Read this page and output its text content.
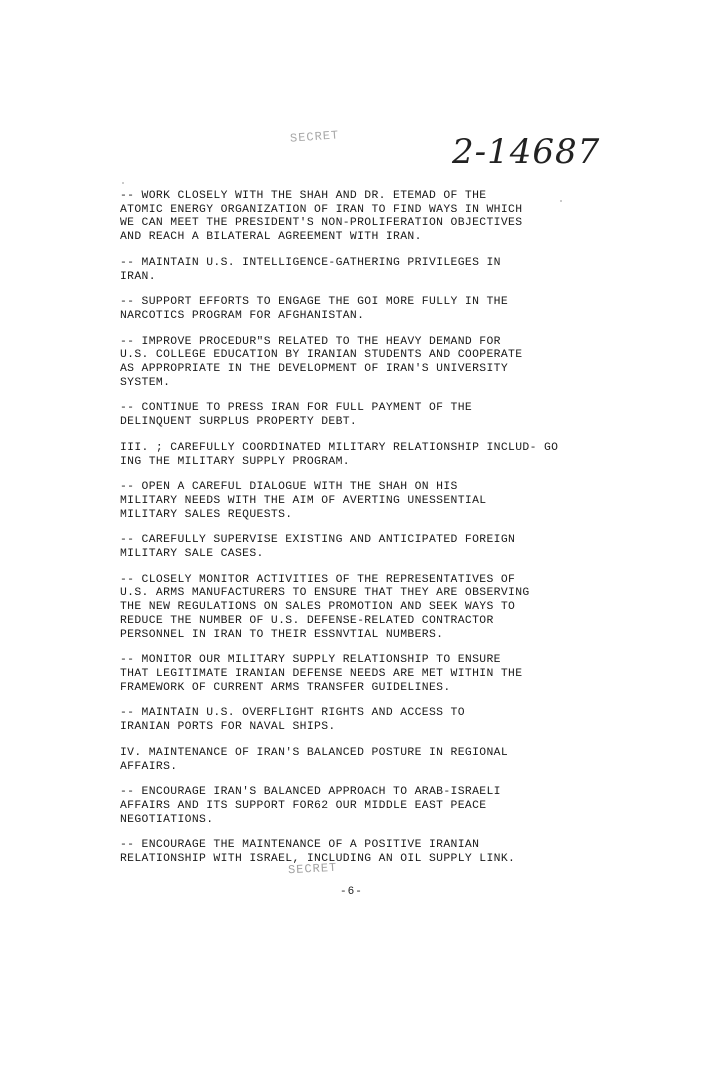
SECRET	2-14687

-- WORK CLOSELY WITH THE SHAH AND DR. ETEMAD OF THE
ATOMIC ENERGY ORGANIZATION OF IRAN TO FIND WAYS IN WHICH
WE CAN MEET THE PRESIDENT'S NON-PROLIFERATION OBJECTIVES
AND REACH A BILATERAL AGREEMENT WITH IRAN.

-- MAINTAIN U.S. INTELLIGENCE-GATHERING PRIVILEGES IN
IRAN.

-- SUPPORT EFFORTS TO ENGAGE THE GOI MORE FULLY IN THE
NARCOTICS PROGRAM FOR AFGHANISTAN.

-- IMPROVE PROCEDUR"S RELATED TO THE HEAVY DEMAND FOR
U.S. COLLEGE EDUCATION BY IRANIAN STUDENTS AND COOPERATE
AS APPROPRIATE IN THE DEVELOPMENT OF IRAN'S UNIVERSITY
SYSTEM.

-- CONTINUE TO PRESS IRAN FOR FULL PAYMENT OF THE
DELINQUENT SURPLUS PROPERTY DEBT.

III. ; CAREFULLY COORDINATED MILITARY RELATIONSHIP INCLUD- GO
ING THE MILITARY SUPPLY PROGRAM.

-- OPEN A CAREFUL DIALOGUE WITH THE SHAH ON HIS
MILITARY NEEDS WITH THE AIM OF AVERTING UNESSENTIAL
MILITARY SALES REQUESTS.

-- CAREFULLY SUPERVISE EXISTING AND ANTICIPATED FOREIGN
MILITARY SALE CASES.

-- CLOSELY MONITOR ACTIVITIES OF THE REPRESENTATIVES OF
U.S. ARMS MANUFACTURERS TO ENSURE THAT THEY ARE OBSERVING
THE NEW REGULATIONS ON SALES PROMOTION AND SEEK WAYS TO
REDUCE THE NUMBER OF U.S. DEFENSE-RELATED CONTRACTOR
PERSONNEL IN IRAN TO THEIR ESSNVTIAL NUMBERS.

-- MONITOR OUR MILITARY SUPPLY RELATIONSHIP TO ENSURE
THAT LEGITIMATE IRANIAN DEFENSE NEEDS ARE MET WITHIN THE
FRAMEWORK OF CURRENT ARMS TRANSFER GUIDELINES.

-- MAINTAIN U.S. OVERFLIGHT RIGHTS AND ACCESS TO
IRANIAN PORTS FOR NAVAL SHIPS.

IV. MAINTENANCE OF IRAN'S BALANCED POSTURE IN REGIONAL
AFFAIRS.

-- ENCOURAGE IRAN'S BALANCED APPROACH TO ARAB-ISRAELI
AFFAIRS AND ITS SUPPORT FOR62 OUR MIDDLE EAST PEACE
NEGOTIATIONS.

-- ENCOURAGE THE MAINTENANCE OF A POSITIVE IRANIAN
RELATIONSHIP WITH ISRAEL, INCLUDING AN OIL SUPPLY LINK.

SECRET
-6-
